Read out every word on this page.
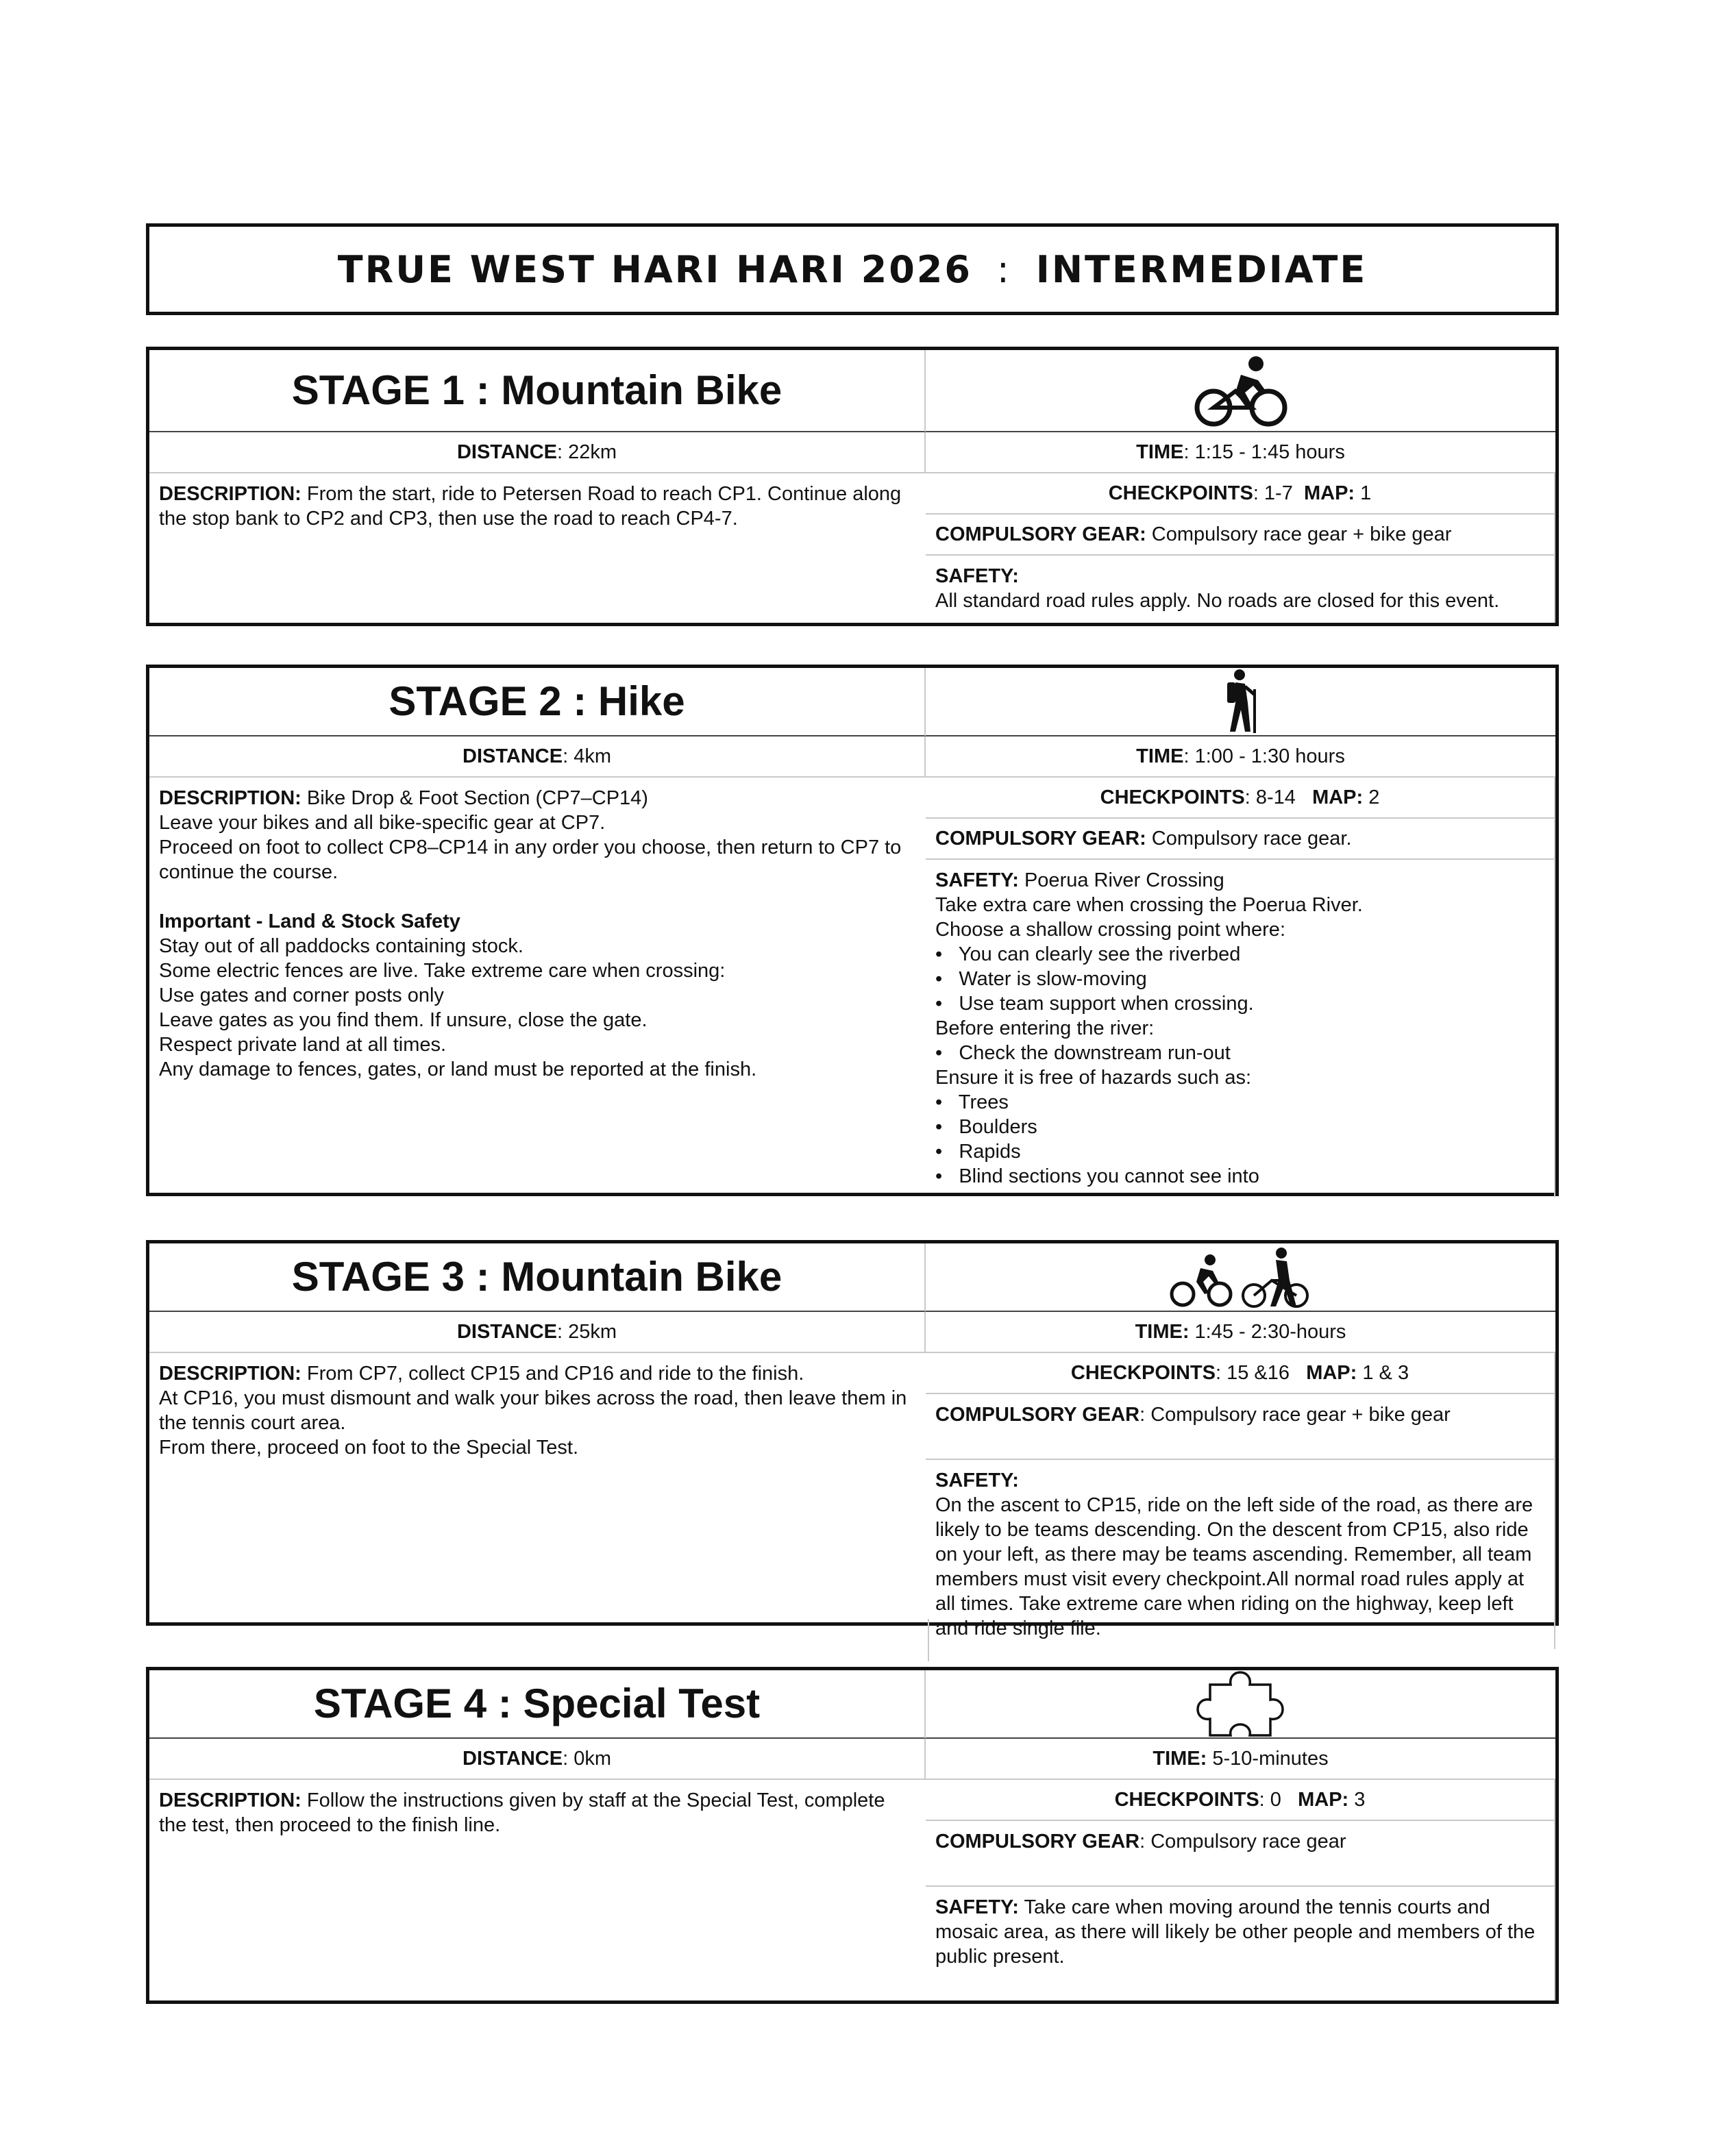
TRUE WEST HARI HARI 2026 : INTERMEDIATE
STAGE 1 : Mountain Bike
DISTANCE: 22km	TIME: 1:15 - 1:45 hours
CHECKPOINTS: 1-7 MAP: 1
DESCRIPTION: From the start, ride to Petersen Road to reach CP1. Continue along the stop bank to CP2 and CP3, then use the road to reach CP4-7.
COMPULSORY GEAR: Compulsory race gear + bike gear
SAFETY:
All standard road rules apply. No roads are closed for this event.
STAGE 2 : Hike
DISTANCE: 4km	TIME: 1:00 - 1:30 hours
CHECKPOINTS: 8-14 MAP: 2
DESCRIPTION: Bike Drop & Foot Section (CP7–CP14)
Leave your bikes and all bike-specific gear at CP7.
Proceed on foot to collect CP8–CP14 in any order you choose, then return to CP7 to continue the course.
Important - Land & Stock Safety
Stay out of all paddocks containing stock.
Some electric fences are live. Take extreme care when crossing:
Use gates and corner posts only
Leave gates as you find them. If unsure, close the gate.
Respect private land at all times.
Any damage to fences, gates, or land must be reported at the finish.
COMPULSORY GEAR: Compulsory race gear.
SAFETY: Poerua River Crossing
Take extra care when crossing the Poerua River.
Choose a shallow crossing point where:
•   You can clearly see the riverbed
•   Water is slow-moving
•   Use team support when crossing.
Before entering the river:
•   Check the downstream run-out
Ensure it is free of hazards such as:
•   Trees
•   Boulders
•   Rapids
•   Blind sections you cannot see into
STAGE 3 : Mountain Bike
DISTANCE: 25km	TIME: 1:45 - 2:30-hours
CHECKPOINTS: 15 &16 MAP: 1 & 3
DESCRIPTION: From CP7, collect CP15 and CP16 and ride to the finish.
At CP16, you must dismount and walk your bikes across the road, then leave them in the tennis court area.
From there, proceed on foot to the Special Test.
COMPULSORY GEAR: Compulsory race gear + bike gear
SAFETY:
On the ascent to CP15, ride on the left side of the road, as there are likely to be teams descending. On the descent from CP15, also ride on your left, as there may be teams ascending. Remember, all team members must visit every checkpoint.All normal road rules apply at all times. Take extreme care when riding on the highway, keep left and ride single file.
STAGE 4 : Special Test
DISTANCE: 0km	TIME: 5-10-minutes
CHECKPOINTS: 0 MAP: 3
DESCRIPTION: Follow the instructions given by staff at the Special Test, complete the test, then proceed to the finish line.
COMPULSORY GEAR: Compulsory race gear
SAFETY: Take care when moving around the tennis courts and mosaic area, as there will likely be other people and members of the public present.
